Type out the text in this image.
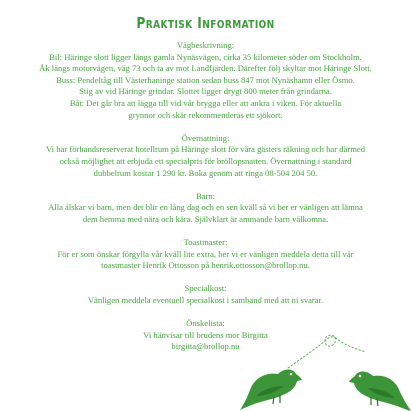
Praktisk Information
Vägbeskrivning:
Bil: Häringe slott ligger längs gamla Nynäsvägen, cirka 35 kilometer söder om Stockholm.
Åk längs motorvägen, väg 73 och ta av mot Landfjärden. Därefter följ skyltar mot Häringe Slott.
Buss: Pendeltåg till Västerhaninge station sedan buss 847 mot Nynäshamn eller Ösmo.
Stig av vid Häringe grindar. Slottet ligger drygt 800 meter från grindarna.
Båt: Det går bra att lägga till vid vår brygga eller att ankra i viken. För aktuella
grynnor och skär rekommenderas ett sjökort.
Övernattning:
Vi har förhandsreserverat hotellrum på Häringe slott för våra gästers räkning och har därmed
också möjlighet att erbjuda ett specialpris för bröllopsnatten. Övernattning i standard
dubbelrum kostar 1 290 kr. Boka genom att ringa 08-504 204 50.
Barn:
Alla älskar vi barn, men det blir en lång dag och en sen kväll så vi ber er vänligen att lämna
dem hemma med nära och kära. Självklart är ammande barn välkomna.
Toastmaster:
För er som önskar förgylla vår kväll lite extra, ber vi er vänligen meddela detta till vår
toastmaster Henrik Ottosson på henrik.ottosson@brollop.nu.
Specialkost:
Vänligen meddela eventuell specialkost i samband med att ni svarar.
Önskelista:
Vi hänvisar till brudens mor Birgitta
birgitta@brollop.nu
